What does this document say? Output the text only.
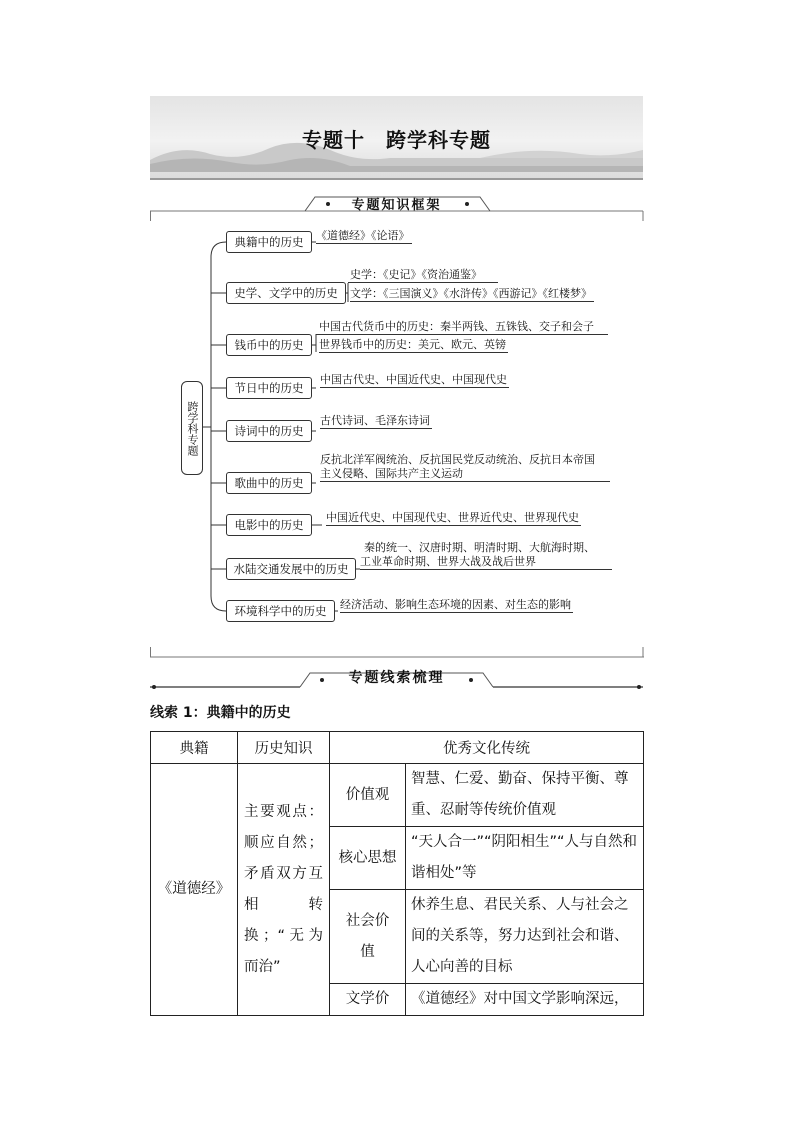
专题十　跨学科专题
专题知识框架
跨学科专题
典籍中的历史
史学、文学中的历史
钱币中的历史
节日中的历史
诗词中的历史
歌曲中的历史
电影中的历史
水陆交通发展中的历史
环境科学中的历史
《道德经》《论语》
史学：《史记》《资治通鉴》
文学：《三国演义》《水浒传》《西游记》《红楼梦》
中国古代货币中的历史：秦半两钱、五铢钱、交子和会子
世界钱币中的历史：美元、欧元、英镑
中国古代史、中国近代史、中国现代史
古代诗词、毛泽东诗词
反抗北洋军阀统治、反抗国民党反动统治、反抗日本帝国
主义侵略、国际共产主义运动
中国近代史、中国现代史、世界近代史、世界现代史
秦的统一、汉唐时期、明清时期、大航海时期、
工业革命时期、世界大战及战后世界
经济活动、影响生态环境的因素、对生态的影响
专题线索梳理
线索 1：典籍中的历史
典籍	历史知识	优秀文化传统	
《道德经》	主要观点：顺应自然；矛盾双方互相转换；“无为而治”	价值观	智慧、仁爱、勤奋、保持平衡、尊重、忍耐等传统价值观
		核心思想	“天人合一”“阴阳相生”“人与自然和谐相处”等
		社会价值	休养生息、君民关系、人与社会之间的关系等，努力达到社会和谐、人心向善的目标
		文学价	《道德经》对中国文学影响深远，
